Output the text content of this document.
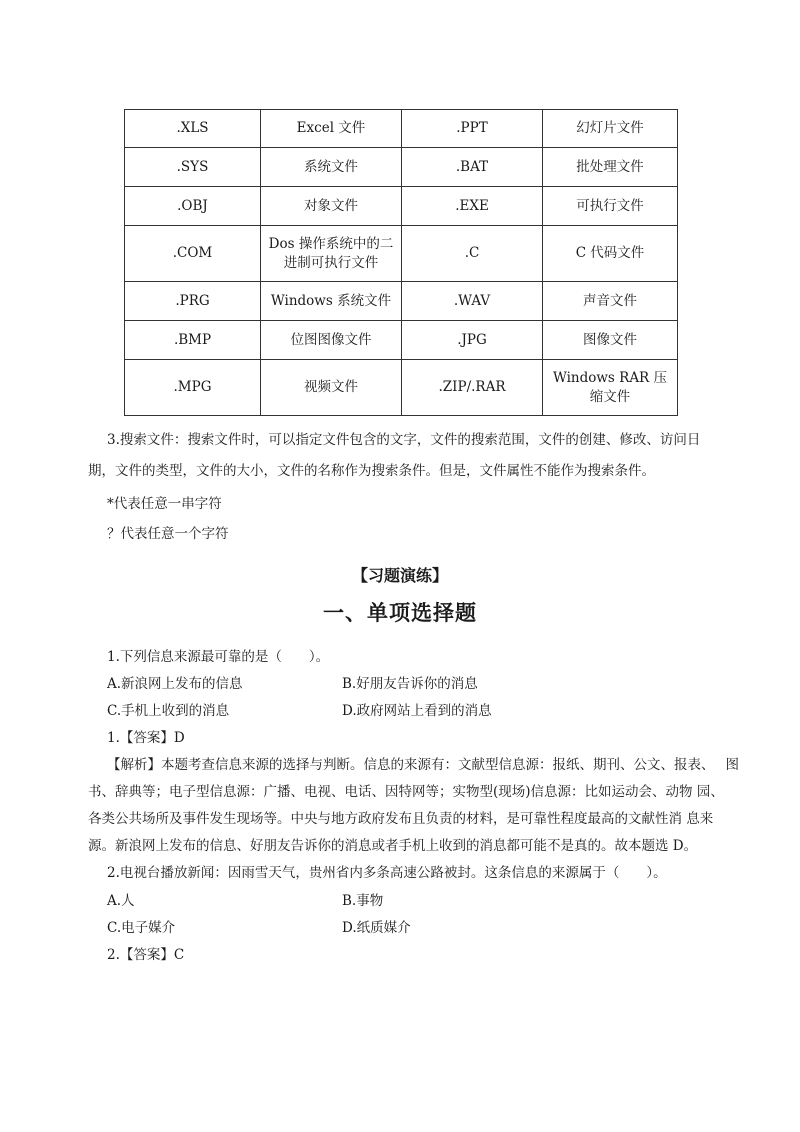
.XLS	Excel 文件	.PPT	幻灯片文件
.SYS	系统文件	.BAT	批处理文件
.OBJ	对象文件	.EXE	可执行文件
.COM	Dos 操作系统中的二进制可执行文件	.C	C 代码文件
.PRG	Windows 系统文件	.WAV	声音文件
.BMP	位图图像文件	.JPG	图像文件
.MPG	视频文件	.ZIP/.RAR	Windows RAR 压缩文件
3.搜索文件：搜索文件时，可以指定文件包含的文字，文件的搜索范围，文件的创建、修改、访问日
期，文件的类型，文件的大小，文件的名称作为搜索条件。但是，文件属性不能作为搜索条件。
*代表任意一串字符
？代表任意一个字符
【习题演练】
一、单项选择题
1.下列信息来源最可靠的是（　　）。
A.新浪网上发布的信息	B.好朋友告诉你的消息
C.手机上收到的消息	D.政府网站上看到的消息
1.【答案】D
【解析】本题考查信息来源的选择与判断。信息的来源有：文献型信息源：报纸、期刊、公文、报表、　 图
书、辞典等；电子型信息源：广播、电视、电话、因特网等；实物型(现场)信息源：比如运动会、动物 园、
各类公共场所及事件发生现场等。中央与地方政府发布且负责的材料，是可靠性程度最高的文献性消 息来
源。新浪网上发布的信息、好朋友告诉你的消息或者手机上收到的消息都可能不是真的。故本题选 D。
2.电视台播放新闻：因雨雪天气，贵州省内多条高速公路被封。这条信息的来源属于（　　）。
A.人	B.事物
C.电子媒介	D.纸质媒介
2.【答案】C
